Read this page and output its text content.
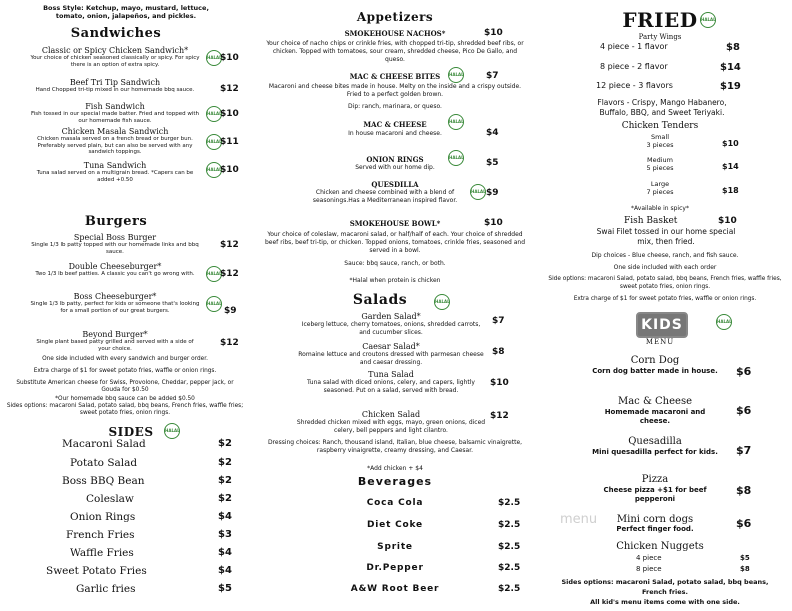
Boss Style: Ketchup, mayo, mustard, lettuce, tomato, onion, jalapeños, and pickles.
Sandwiches
Classic or Spicy Chicken Sandwich*
Your choice of chicken seasoned classically or spicy. For spicy there is an option of extra spicy.
HALAL
$10
Beef Tri Tip Sandwich
Hand Chopped tri-tip mixed in our homemade bbq sauce.	$12
Fish Sandwich
Fish tossed in our special made batter. Fried and topped with our homemade fish sauce.
HALAL
$10
Chicken Masala Sandwich
Chicken masala served on a french bread or burger bun. Preferably served plain, but can also be served with any sandwich toppings.
HALAL
$11
Tuna Sandwich
Tuna salad served on a multigrain bread. *Capers can be added +0.50
HALAL
$10
Burgers
Special Boss Burger
Single 1/3 lb patty topped with our homemade links and bbq sauce.
$12
Double Cheeseburger*
Two 1/3 lb beef patties. A classic you can't go wrong with.	HALAL
$12
Boss Cheeseburger*
Single 1/3 lb patty, perfect for kids or someone that's looking for a small portion of our great burgers.
HALAL
$9
Beyond Burger*
Single plant based patty grilled and served with a side of your choice.
$12
One side included with every sandwich and burger order.
Extra charge of $1 for sweet potato fries, waffle or onion rings.
Substitute American cheese for Swiss, Provolone, Cheddar, pepper jack, or Gouda for $0.50
*Our homemade bbq sauce can be added $0.50
Sides options: macaroni Salad, potato salad, bbq beans, French fries, waffle fries; sweet potato fries, onion rings.
SIDES	HALAL
Macaroni Salad	$2
Potato Salad	$2
Boss BBQ Bean	$2
Coleslaw	$2
Onion Rings	$4
French Fries	$3
Waffle Fries	$4
Sweet Potato Fries	$4
Garlic fries	$5
Appetizers
SMOKEHOUSE NACHOS*	$10
Your choice of nacho chips or crinkle fries, with chopped tri-tip, shredded beef ribs, or chicken. Topped with tomatoes, sour cream, shredded cheese, Pico De Gallo, and queso.
MAC & CHEESE BITES	HALAL $7
Macaroni and cheese bites made in house. Melty on the inside and a crispy outside. Fried to a perfect golden brown.
Dip: ranch, marinara, or queso.
MAC & CHEESE
In house macaroni and cheese.
HALAL
$4
ONION RINGS
Served with our home dip.
HALAL
$5
QUESDILLA
Chicken and cheese combined with a blend of seasonings.Has a Mediterranean inspired flavor.
HALAL $9
SMOKEHOUSE BOWL*	$10
Your choice of coleslaw, macaroni salad, or half/half of each. Your choice of shredded beef ribs, beef tri-tip, or chicken. Topped onions, tomatoes, crinkle fries, seasoned and served in a bowl.
Sauce: bbq sauce, ranch, or both.
*Halal when protein is chicken
Salads	HALAL
Garden Salad*
Iceberg lettuce, cherry tomatoes, onions, shredded carrots, and cucumber slices.
$7
Caesar Salad*
Romaine lettuce and croutons dressed with parmesan cheese and caesar dressing.
$8
Tuna Salad
Tuna salad with diced onions, celery, and capers, lightly seasoned. Put on a salad, served with bread.
$10
Chicken Salad
Shredded chicken mixed with eggs, mayo, green onions, diced celery, bell peppers and light cilantro.
$12
Dressing choices: Ranch, thousand island, Italian, blue cheese, balsamic vinaigrette, raspberry vinaigrette, creamy dressing, and Caesar.
*Add chicken + $4
Beverages
Coca Cola	$2.5
Diet Coke	$2.5
Sprite	$2.5
Dr.Pepper	$2.5
A&W Root Beer	$2.5
FRIED HALAL
Party Wings
4 piece - 1 flavor	$8
8 piece - 2 flavor	$14
12 piece - 3 flavors	$19
Flavors - Crispy, Mango Habanero, Buffalo, BBQ, and Sweet Teriyaki.
Chicken Tenders
Small
3 pieces	$10
Medium
5 pieces	$14
Large
7 pieces	$18
*Available in spicy*
Fish Basket	$10
Swai Filet tossed in our home special mix, then fried.
Dip choices - Blue cheese, ranch, and fish sauce.
One side included with each order
Side options: macaroni Salad, potato salad, bbq beans, French fries, waffle fries, sweet potato fries, onion rings.
Extra charge of $1 for sweet potato fries, waffle or onion rings.
KIDS	HALAL
MENU
Corn Dog
Corn dog batter made in house. $6
Mac & Cheese
Homemade macaroni and cheese.
$6
Quesadilla
Mini quesadilla perfect for kids. $7
Pizza
Cheese pizza +$1 for beef pepperoni
$8
Mini corn dogs
Perfect finger food.	$6
Chicken Nuggets
4 piece	$5
8 piece	$8
Sides options: macaroni Salad, potato salad, bbq beans, French fries.
All kid's menu items come with one side.
menu
